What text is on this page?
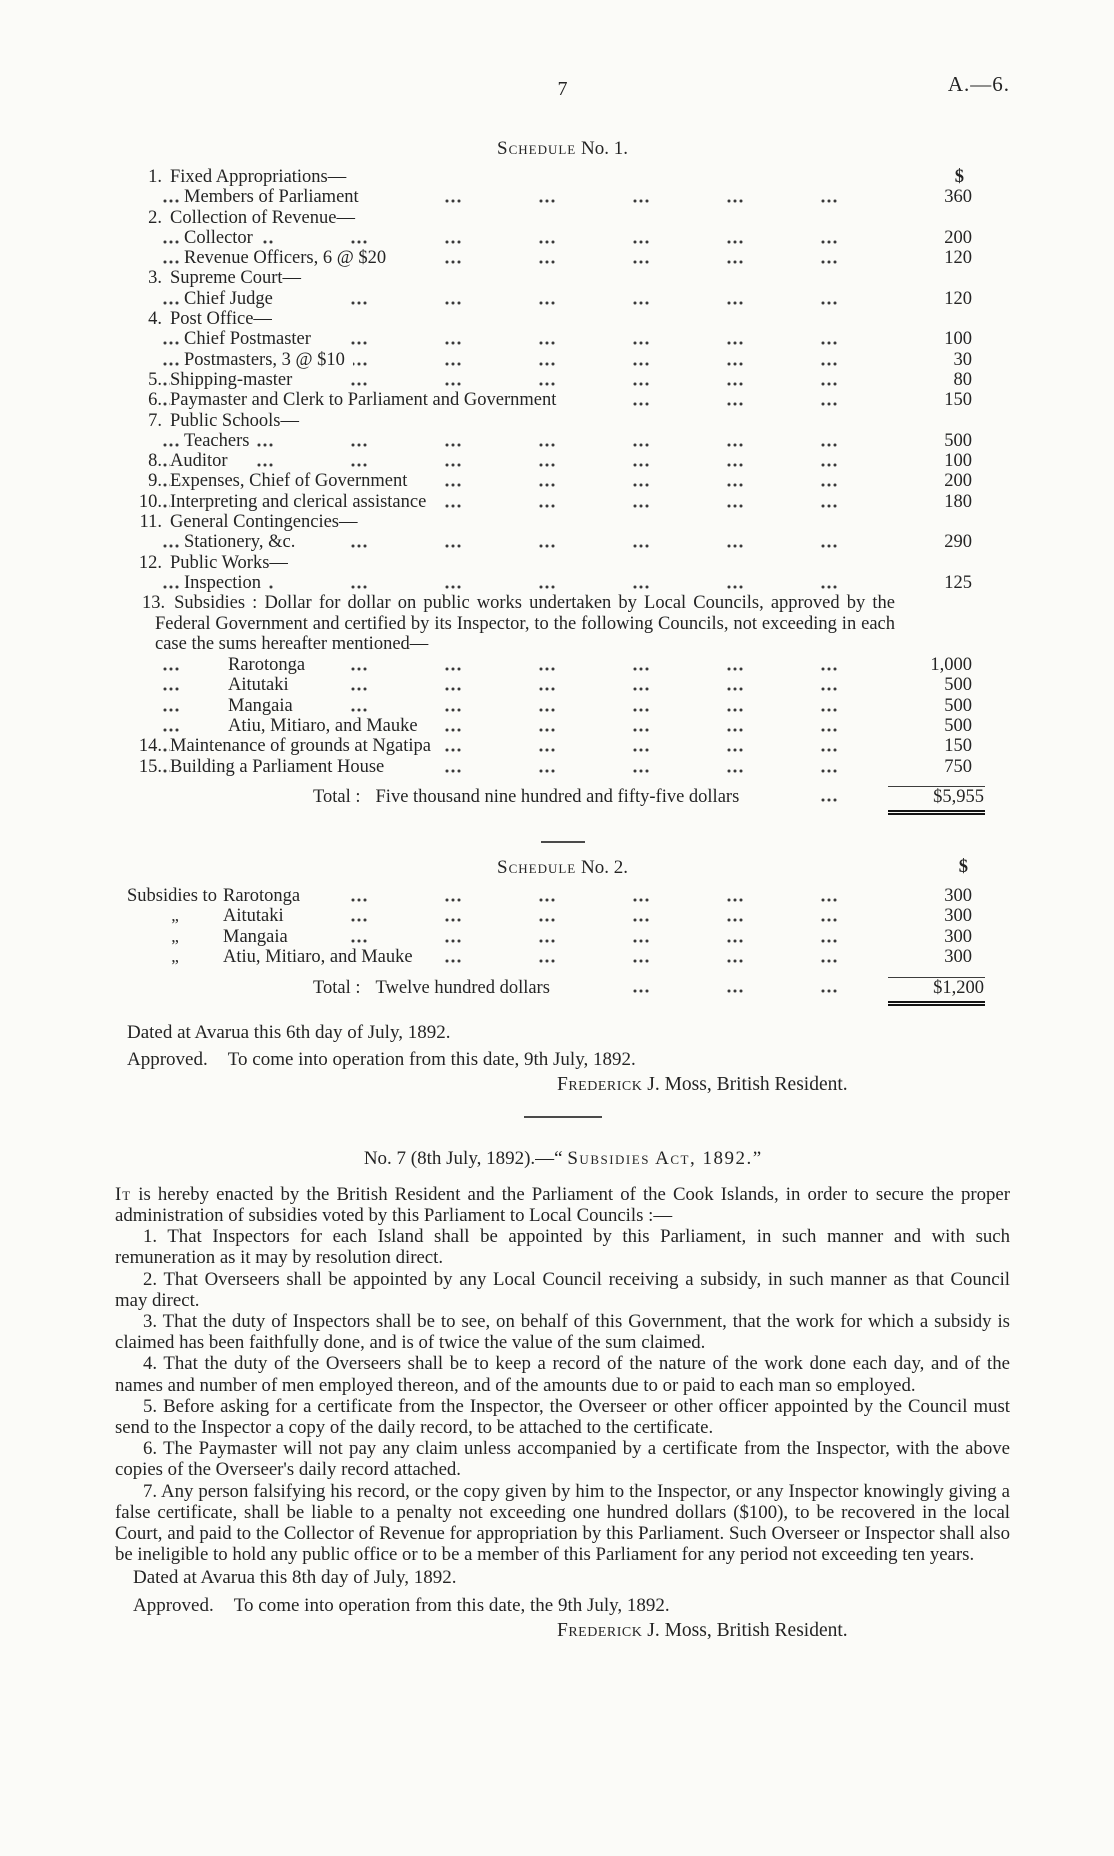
7	A.—6.
Schedule No. 1.
1. Fixed Appropriations—	$
Members of Parliament	360
2. Collection of Revenue—
Collector	200
Revenue Officers, 6 @ $20	120
3. Supreme Court—
Chief Judge	120
4. Post Office—
Chief Postmaster	100
Postmasters, 3 @ $10	30
5. Shipping-master	80
6. Paymaster and Clerk to Parliament and Government	150
7. Public Schools—
Teachers	500
8. Auditor	100
9. Expenses, Chief of Government	200
10. Interpreting and clerical assistance	180
11. General Contingencies—
Stationery, &c.	290
12. Public Works—
Inspection	125
13. Subsidies : Dollar for dollar on public works undertaken by Local Councils, approved by the Federal Government and certified by its Inspector, to the following Councils, not exceeding in each case the sums hereafter mentioned—
Rarotonga	1,000
Aitutaki	500
Mangaia	500
Atiu, Mitiaro, and Mauke	500
14. Maintenance of grounds at Ngatipa	150
15. Building a Parliament House	750
Total : Five thousand nine hundred and fifty-five dollars	$5,955
Schedule No. 2.	$
Subsidies to Rarotonga	300
„	Aitutaki	300
„	Mangaia	300
„	Atiu, Mitiaro, and Mauke	300
Total : Twelve hundred dollars	$1,200
Dated at Avarua this 6th day of July, 1892.
Approved. To come into operation from this date, 9th July, 1892.
Frederick J. Moss, British Resident.
No. 7 (8th July, 1892).—“ Subsidies Act, 1892.”

It is hereby enacted by the British Resident and the Parliament of the Cook Islands, in order to secure the proper administration of subsidies voted by this Parliament to Local Councils :—

1. That Inspectors for each Island shall be appointed by this Parliament, in such manner and with such remuneration as it may by resolution direct.

2. That Overseers shall be appointed by any Local Council receiving a subsidy, in such manner as that Council may direct.

3. That the duty of Inspectors shall be to see, on behalf of this Government, that the work for which a subsidy is claimed has been faithfully done, and is of twice the value of the sum claimed.

4. That the duty of the Overseers shall be to keep a record of the nature of the work done each day, and of the names and number of men employed thereon, and of the amounts due to or paid to each man so employed.

5. Before asking for a certificate from the Inspector, the Overseer or other officer appointed by the Council must send to the Inspector a copy of the daily record, to be attached to the certificate.

6. The Paymaster will not pay any claim unless accompanied by a certificate from the Inspector, with the above copies of the Overseer's daily record attached.

7. Any person falsifying his record, or the copy given by him to the Inspector, or any Inspector knowingly giving a false certificate, shall be liable to a penalty not exceeding one hundred dollars ($100), to be recovered in the local Court, and paid to the Collector of Revenue for appropriation by this Parliament. Such Overseer or Inspector shall also be ineligible to hold any public office or to be a member of this Parliament for any period not exceeding ten years.

Dated at Avarua this 8th day of July, 1892.
Approved. To come into operation from this date, the 9th July, 1892.
Frederick J. Moss, British Resident.
